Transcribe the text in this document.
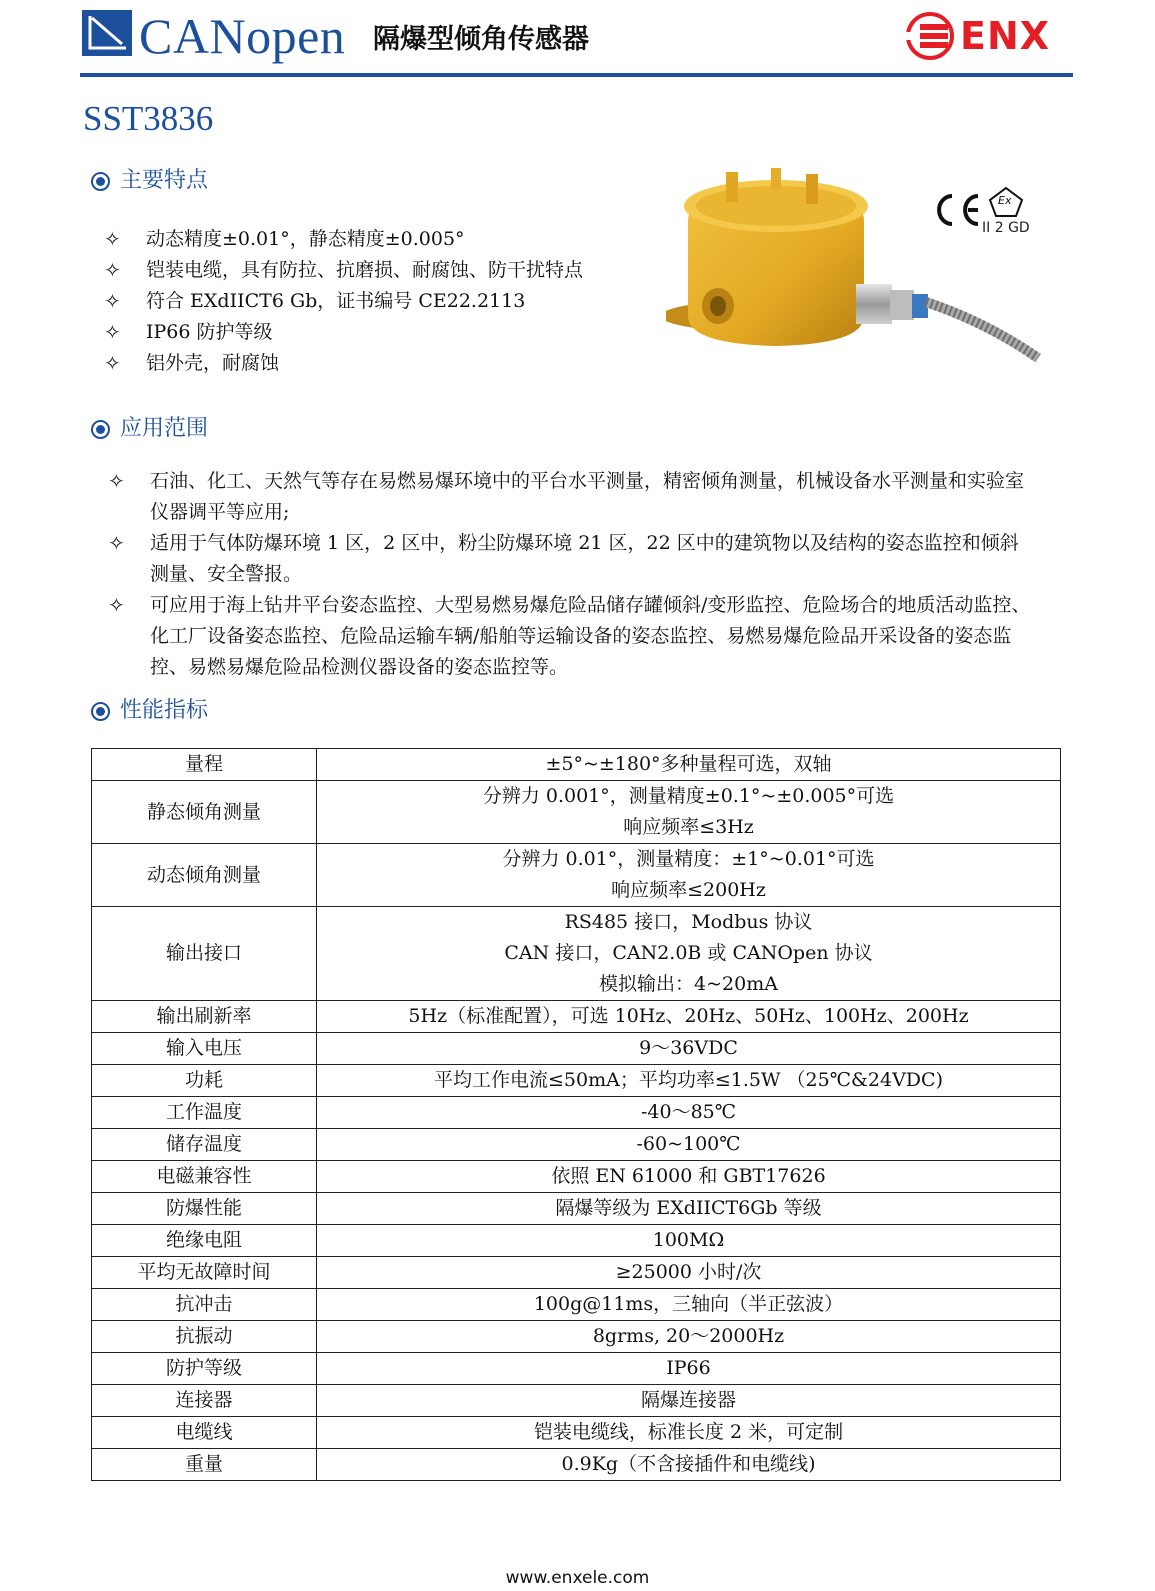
CANopen 隔爆型倾角传感器	ENX
SST3836
主要特点
✧	动态精度±0.01°，静态精度±0.005°
✧	铠装电缆，具有防拉、抗磨损、耐腐蚀、防干扰特点
✧	符合 EXdIICT6 Gb，证书编号 CE22.2113
✧	IP66 防护等级
✧	铝外壳，耐腐蚀
Ex
II 2 GD
应用范围
✧	石油、化工、天然气等存在易燃易爆环境中的平台水平测量，精密倾角测量，机械设备水平测量和实验室仪器调平等应用;
✧	适用于气体防爆环境 1 区，2 区中，粉尘防爆环境 21 区，22 区中的建筑物以及结构的姿态监控和倾斜测量、安全警报。
✧	可应用于海上钻井平台姿态监控、大型易燃易爆危险品储存罐倾斜/变形监控、危险场合的地质活动监控、化工厂设备姿态监控、危险品运输车辆/船舶等运输设备的姿态监控、易燃易爆危险品开采设备的姿态监控、易燃易爆危险品检测仪器设备的姿态监控等。
性能指标
量程	±5°~±180°多种量程可选，双轴

静态倾角测量	分辨力 0.001°，测量精度±0.1°~±0.005°可选
响应频率≤3Hz

动态倾角测量	分辨力 0.01°，测量精度：±1°~0.01°可选
响应频率≤200Hz

输出接口	RS485 接口，Modbus 协议
CAN 接口，CAN2.0B 或 CANOpen 协议
模拟输出：4~20mA

输出刷新率	5Hz（标准配置），可选 10Hz、20Hz、50Hz、100Hz、200Hz

输入电压	9～36VDC

功耗	平均工作电流≤50mA；平均功率≤1.5W （25℃&24VDC)

工作温度	-40～85℃

储存温度	-60~100℃

电磁兼容性	依照 EN 61000 和 GBT17626

防爆性能	隔爆等级为 EXdIICT6Gb 等级

绝缘电阻	100MΩ

平均无故障时间	≥25000 小时/次

抗冲击	100g@11ms，三轴向（半正弦波）

抗振动	8grms, 20～2000Hz

防护等级	IP66

连接器	隔爆连接器

电缆线	铠装电缆线，标准长度 2 米，可定制

重量	0.9Kg（不含接插件和电缆线)
www.enxele.com
